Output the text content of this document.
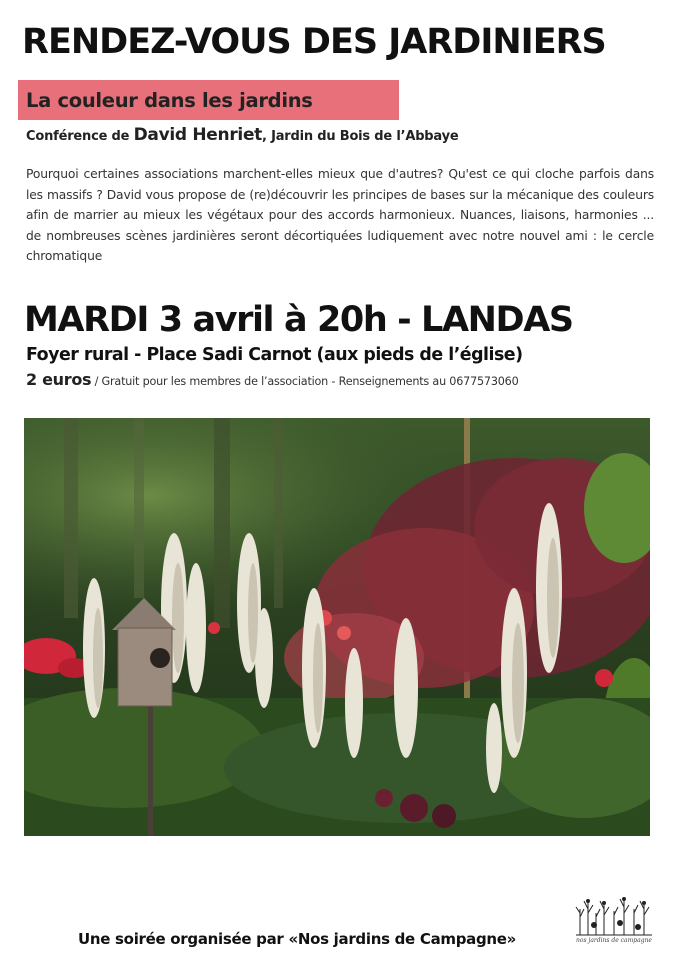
RENDEZ-VOUS DES JARDINIERS
La couleur dans les jardins
Conférence de David Henriet, Jardin du Bois de l’Abbaye
Pourquoi certaines associations marchent-elles mieux que d'autres? Qu'est ce qui cloche parfois dans les massifs ? David vous propose de (re)découvrir les principes de bases sur la mécanique des couleurs afin de marrier au mieux les végétaux pour des accords harmonieux. Nuances, liaisons, harmonies ... de nombreuses scènes jardinières seront décortiquées ludiquement avec notre nouvel ami : le cercle chromatique
MARDI 3 avril à 20h - LANDAS
Foyer rural - Place Sadi Carnot (aux pieds de l’église)
2 euros / Gratuit pour les membres de l’association - Renseignements au 0677573060
Une soirée organisée par «Nos jardins de Campagne»	nos jardins de campagne
